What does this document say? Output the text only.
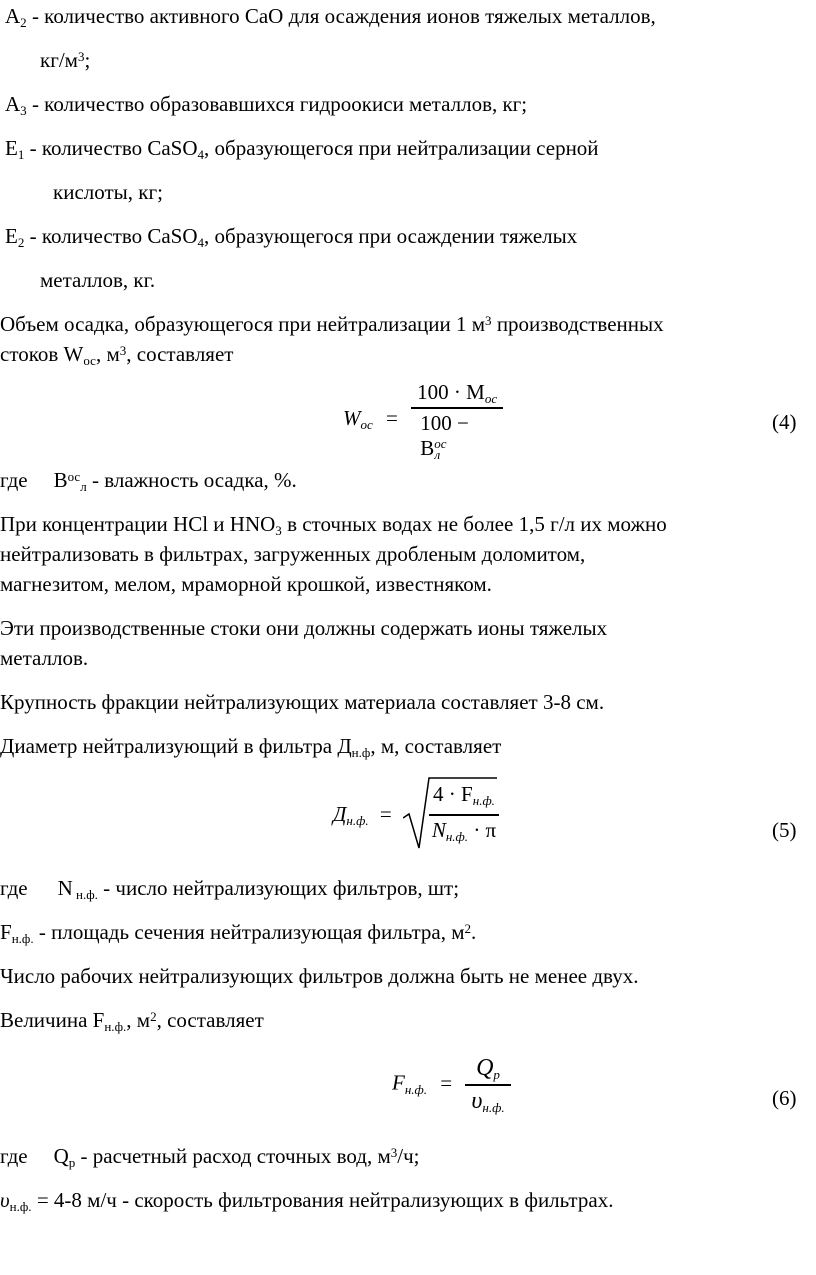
$A_2$ - количество активного CaO для осаждения ионов тяжелых металлов,
$кг/м^3$;
$A_3$ - количество образовавшихся гидроокиси металлов, кг;
$E_1$ - количество CaSO$_4$, образующегося при нейтрализации серной
кислоты, кг;
$E_2$ - количество CaSO$_4$, образующегося при осаждении тяжелых
металлов, кг.
Объем осадка, образующегося при нейтрализации 1 $м^3$ производственных
стоков $W_{ос}$, $м^3$, составляет
$W_{ос} = \frac{100 \cdot M_{ос}}{100 - B^{ос}_л}$	(4)
где $B^{ос}_л$ - влажность осадка, %.
При концентрации HCl и $HNO_3$ в сточных водах не более 1,5 г/л их можно
нейтрализовать в фильтрах, загруженных дробленым доломитом,
магнезитом, мелом, мраморной крошкой, известняком.
Эти производственные стоки они должны содержать ионы тяжелых
металлов.
Крупность фракции нейтрализующих материала составляет 3-8 см.
Диаметр нейтрализующий в фильтра $Д_{н.ф}$, м, составляет
$Д_{н.ф.}$ =
$4 \cdot F_{н.ф.}$
$N_{н.ф.} \cdot \pi$	(5)
где N $_{н.ф.}$ - число нейтрализующих фильтров, шт;
$F_{н.ф.}$ - площадь сечения нейтрализующая фильтра, $м^2$.
Число рабочих нейтрализующих фильтров должна быть не менее двух.
Величина $F_{н.ф.}$, $м^2$, составляет
$F_{н.ф.} = \frac{Q_р}{\upsilon_{н.ф.}}$	(6)
где $Q_р$ - расчетный расход сточных вод, $м^3/ч$;
$\upsilon_{н.ф.} = 4-8$ м/ч - скорость фильтрования нейтрализующих в фильтрах.
